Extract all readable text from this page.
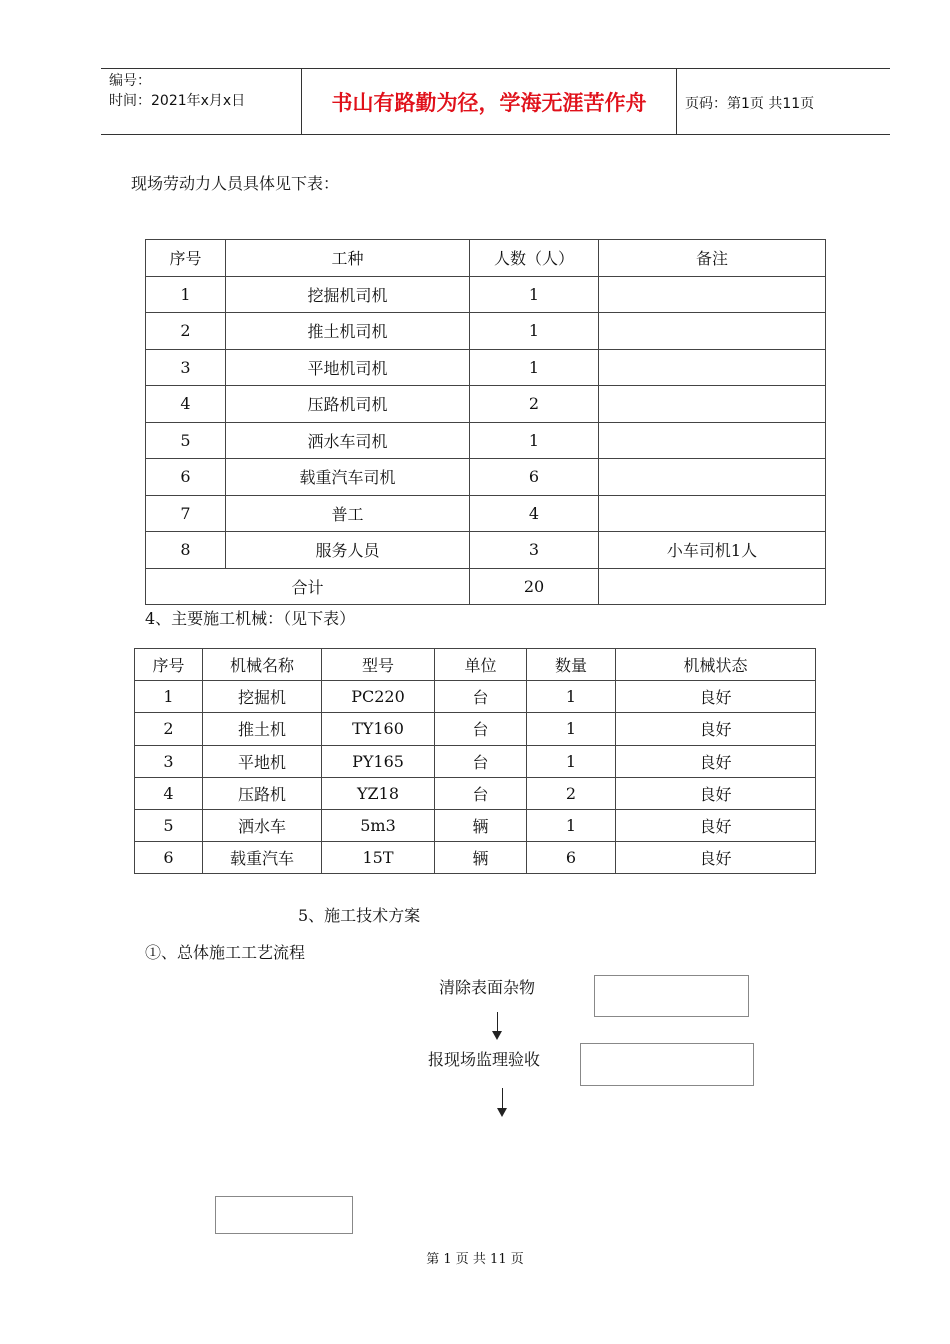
编号：
时间：2021年x月x日	书山有路勤为径，学海无涯苦作舟	页码：第1页 共11页
现场劳动力人员具体见下表：
序号	工种	人数（人）	备注
1	挖掘机司机	1	
2	推土机司机	1	
3	平地机司机	1	
4	压路机司机	2	
5	洒水车司机	1	
6	载重汽车司机	6	
7	普工	4	
8	服务人员	3	小车司机1人
合计		20	
4、主要施工机械：（见下表）
序号	机械名称	型号	单位	数量	机械状态
1	挖掘机	PC220	台	1	良好
2	推土机	TY160	台	1	良好
3	平地机	PY165	台	1	良好
4	压路机	YZ18	台	2	良好
5	洒水车	5m3	辆	1	良好
6	载重汽车	15T	辆	6	良好
5、施工技术方案
①、总体施工工艺流程
清除表面杂物
报现场监理验收
第 1 页 共 11 页
